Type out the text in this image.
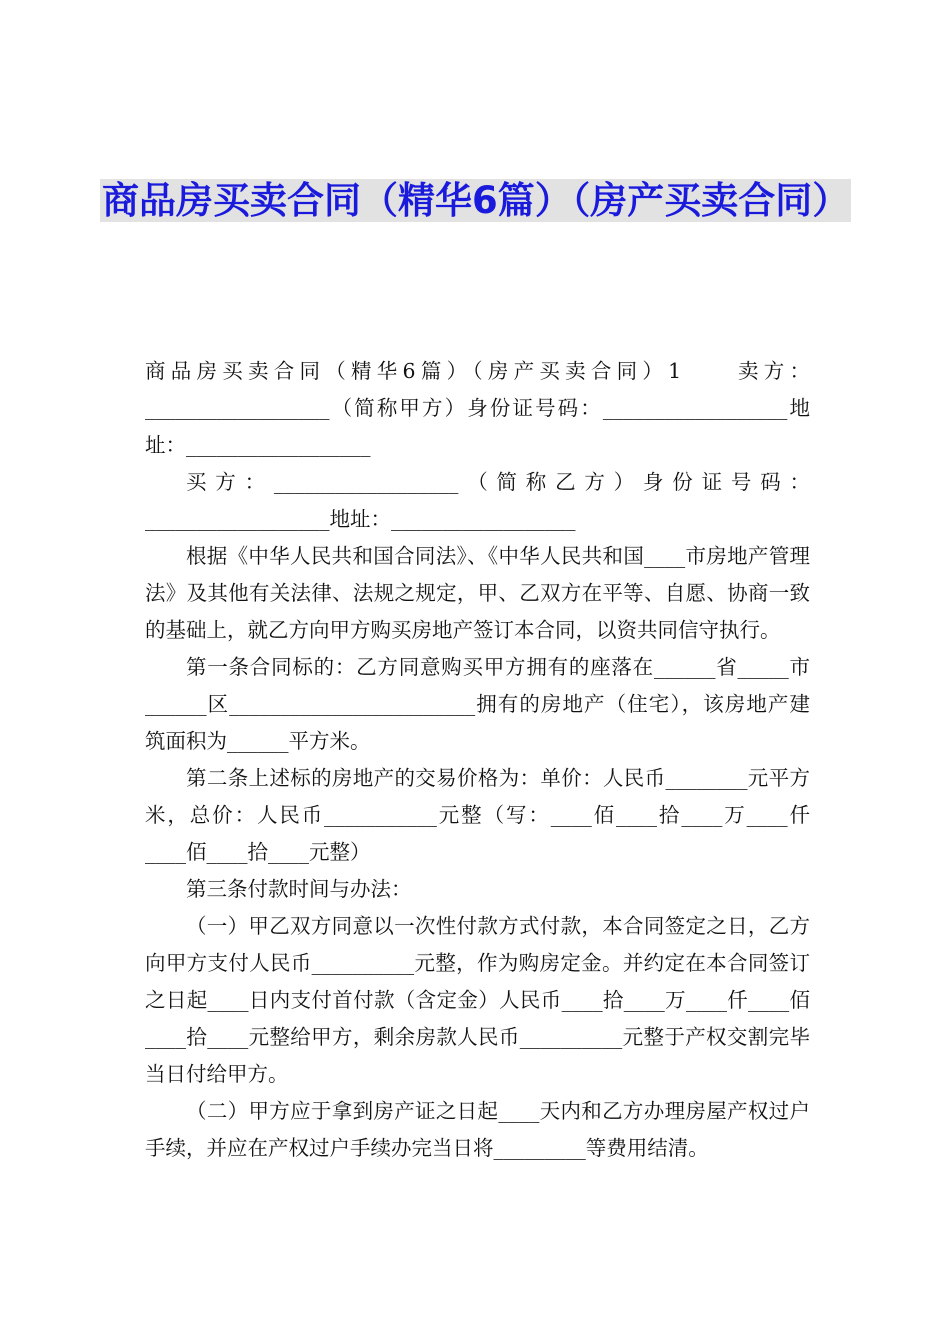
商品房买卖合同（精华6篇）（房产买卖合同）

商品房买卖合同（精华6篇）（房产买卖合同）1　　卖方：__________________（简称甲方）身份证号码：__________________地址：__________________

买方：__________________（简称乙方）身份证号码：__________________地址：__________________

根据《中华人民共和国合同法》、《中华人民共和国____市房地产管理法》及其他有关法律、法规之规定，甲、乙双方在平等、自愿、协商一致的基础上，就乙方向甲方购买房地产签订本合同，以资共同信守执行。

第一条合同标的：乙方同意购买甲方拥有的座落在______省_____市______区________________________拥有的房地产（住宅），该房地产建筑面积为______平方米。

第二条上述标的房地产的交易价格为：单价：人民币________元平方米，总价：人民币___________元整（写：____佰____拾____万____仟____佰____拾____元整）

第三条付款时间与办法：

（一）甲乙双方同意以一次性付款方式付款，本合同签定之日，乙方向甲方支付人民币__________元整，作为购房定金。并约定在本合同签订之日起____日内支付首付款（含定金）人民币____拾____万____仟____佰____拾____元整给甲方，剩余房款人民币__________元整于产权交割完毕当日付给甲方。

（二）甲方应于拿到房产证之日起____天内和乙方办理房屋产权过户手续，并应在产权过户手续办完当日将_________等费用结清。
